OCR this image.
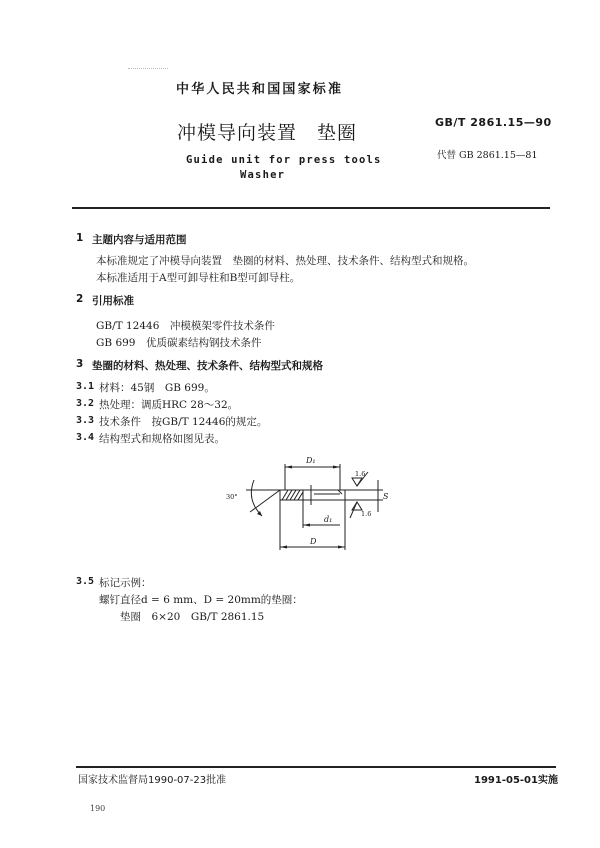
中华人民共和国国家标准
冲模导向装置　垫圈
Guide unit for press tools
Washer
GB/T 2861.15—90
代替 GB 2861.15—81
1 主题内容与适用范围
本标准规定了冲模导向装置　垫圈的材料、热处理、技术条件、结构型式和规格。
本标准适用于A型可卸导柱和B型可卸导柱。
2 引用标准
GB/T 12446　冲模模架零件技术条件
GB 699　优质碳素结构钢技术条件
3 垫圈的材料、热处理、技术条件、结构型式和规格
3.1 材料：45钢　GB 699。
3.2 热处理：调质HRC 28～32。
3.3 技术条件　按GB/T 12446的规定。
3.4 结构型式和规格如图见表。
D₁
d₁
D
S
30°
1.6
1.6
3.5 标记示例：
螺钉直径d = 6 mm、D = 20mm的垫圈：
垫圈　6×20　GB/T 2861.15
国家技术监督局1990-07-23批准	1991-05-01实施
190
